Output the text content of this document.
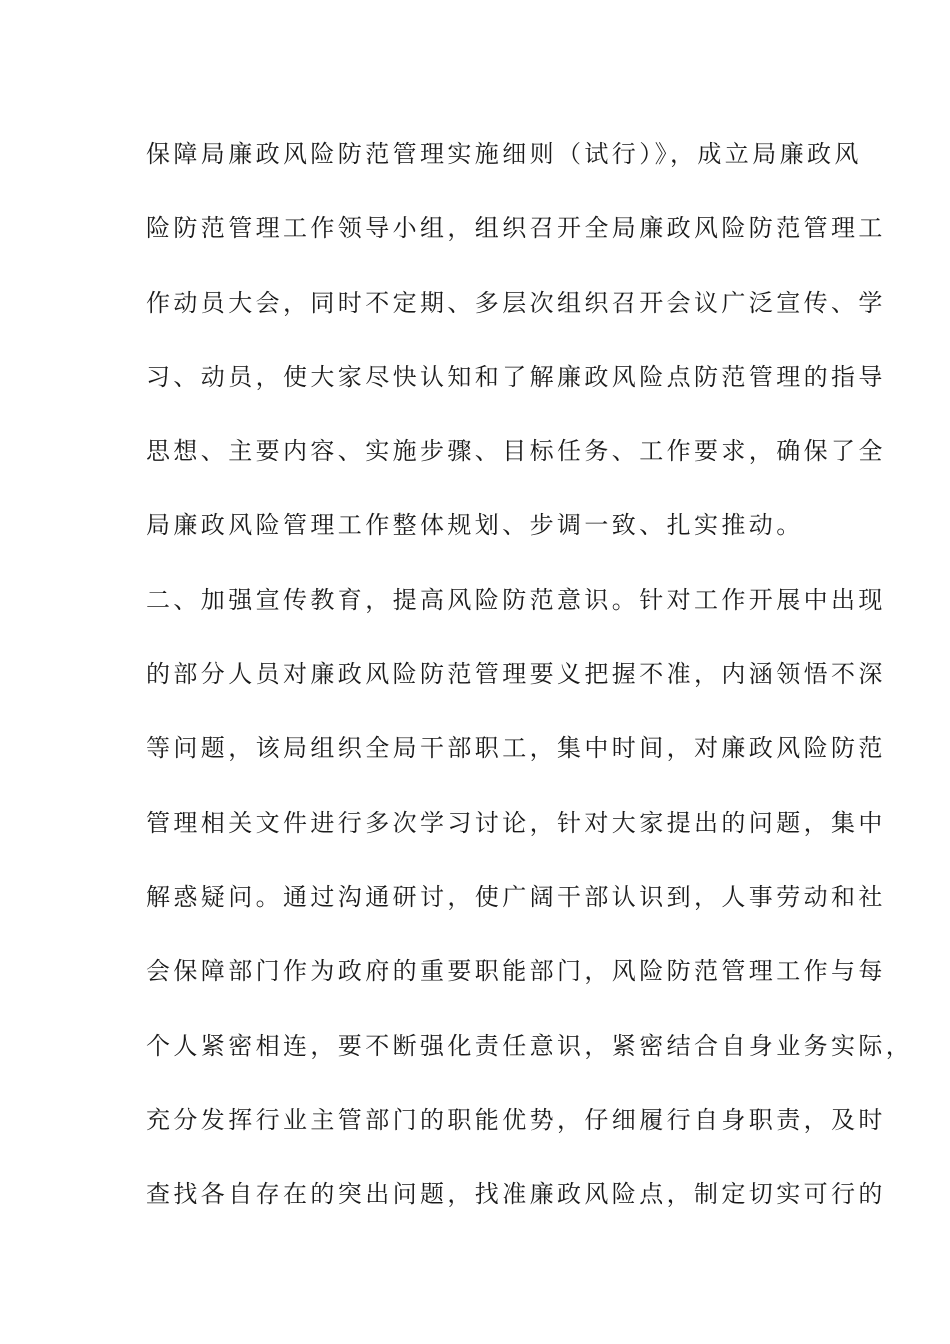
保障局廉政风险防范管理实施细则（试行）》，成立局廉政风
险防范管理工作领导小组，组织召开全局廉政风险防范管理工
作动员大会，同时不定期、多层次组织召开会议广泛宣传、学
习、动员，使大家尽快认知和了解廉政风险点防范管理的指导
思想、主要内容、实施步骤、目标任务、工作要求，确保了全
局廉政风险管理工作整体规划、步调一致、扎实推动。
二、加强宣传教育，提高风险防范意识。针对工作开展中出现
的部分人员对廉政风险防范管理要义把握不准，内涵领悟不深
等问题，该局组织全局干部职工，集中时间，对廉政风险防范
管理相关文件进行多次学习讨论，针对大家提出的问题，集中
解惑疑问。通过沟通研讨，使广阔干部认识到，人事劳动和社
会保障部门作为政府的重要职能部门，风险防范管理工作与每
个人紧密相连，要不断强化责任意识，紧密结合自身业务实际，
充分发挥行业主管部门的职能优势，仔细履行自身职责，及时
查找各自存在的突出问题，找准廉政风险点，制定切实可行的
